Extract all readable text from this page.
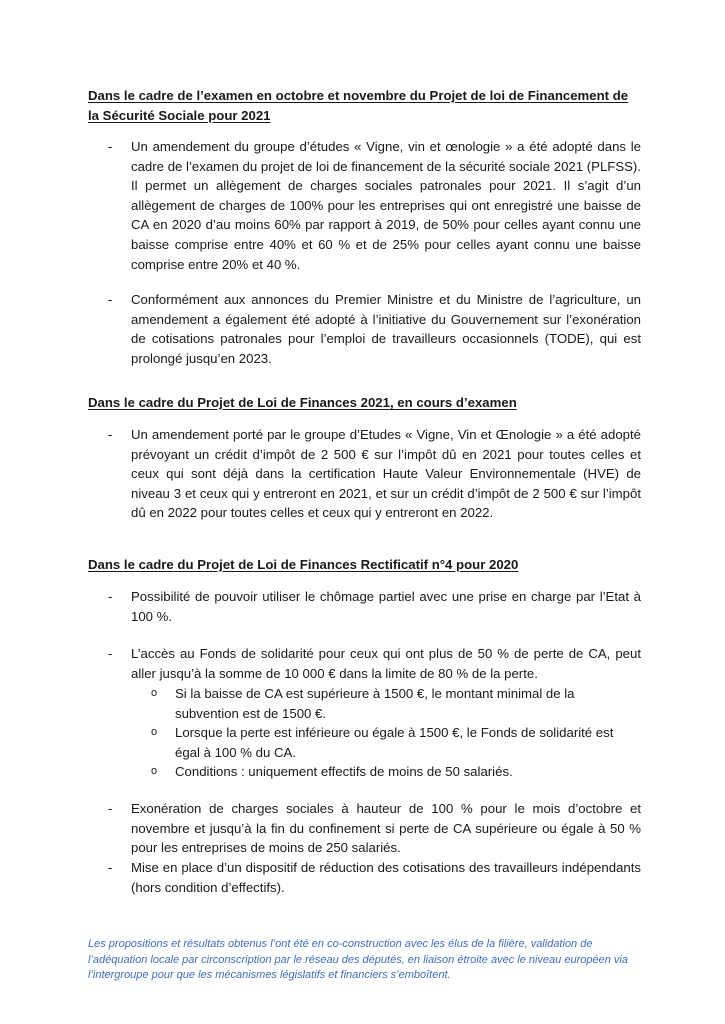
Dans le cadre de l’examen en octobre et novembre du Projet de loi de Financement de la Sécurité Sociale pour 2021

- Un amendement du groupe d’études « Vigne, vin et œnologie » a été adopté dans le cadre de l’examen du projet de loi de financement de la sécurité sociale 2021 (PLFSS). Il permet un allègement de charges sociales patronales pour 2021. Il s’agit d’un allègement de charges de 100% pour les entreprises qui ont enregistré une baisse de CA en 2020 d’au moins 60% par rapport à 2019, de 50% pour celles ayant connu une baisse comprise entre 40% et 60 % et de 25% pour celles ayant connu une baisse comprise entre 20% et 40 %.
- Conformément aux annonces du Premier Ministre et du Ministre de l’agriculture, un amendement a également été adopté à l’initiative du Gouvernement sur l’exonération de cotisations patronales pour l’emploi de travailleurs occasionnels (TODE), qui est prolongé jusqu’en 2023.

Dans le cadre du Projet de Loi de Finances 2021, en cours d’examen

- Un amendement porté par le groupe d’Etudes « Vigne, Vin et Œnologie » a été adopté prévoyant un crédit d’impôt de 2 500 € sur l’impôt dû en 2021 pour toutes celles et ceux qui sont déjà dans la certification Haute Valeur Environnementale (HVE) de niveau 3 et ceux qui y entreront en 2021, et sur un crédit d’impôt de 2 500 € sur l’impôt dû en 2022 pour toutes celles et ceux qui y entreront en 2022.

Dans le cadre du Projet de Loi de Finances Rectificatif n°4 pour 2020

- Possibilité de pouvoir utiliser le chômage partiel avec une prise en charge par l’Etat à 100 %.
- L’accès au Fonds de solidarité pour ceux qui ont plus de 50 % de perte de CA, peut aller jusqu’à la somme de 10 000 € dans la limite de 80 % de la perte.
o Si la baisse de CA est supérieure à 1500 €, le montant minimal de la subvention est de 1500 €.
o Lorsque la perte est inférieure ou égale à 1500 €, le Fonds de solidarité est égal à 100 % du CA.
o Conditions : uniquement effectifs de moins de 50 salariés.
- Exonération de charges sociales à hauteur de 100 % pour le mois d’octobre et novembre et jusqu’à la fin du confinement si perte de CA supérieure ou égale à 50 % pour les entreprises de moins de 250 salariés.
- Mise en place d’un dispositif de réduction des cotisations des travailleurs indépendants (hors condition d’effectifs).

Les propositions et résultats obtenus l’ont été en co-construction avec les élus de la filière, validation de l’adéquation locale par circonscription par le réseau des députés, en liaison étroite avec le niveau européen via l’intergroupe pour que les mécanismes législatifs et financiers s’emboîtent.
